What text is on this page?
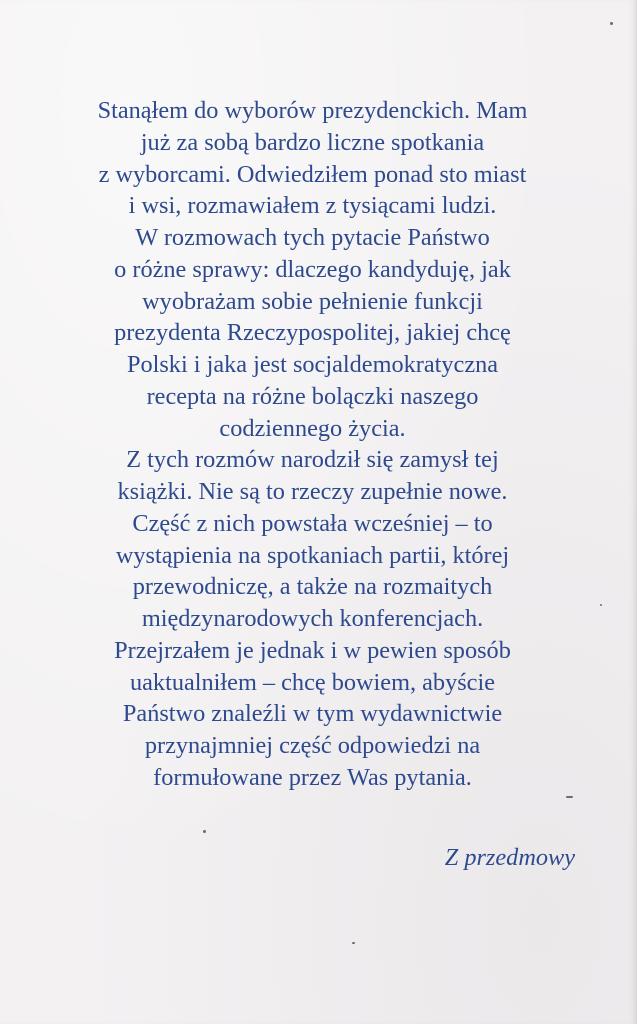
Stanąłem do wyborów prezydenckich. Mam
już za sobą bardzo liczne spotkania
z wyborcami. Odwiedziłem ponad sto miast
i wsi, rozmawiałem z tysiącami ludzi.
W rozmowach tych pytacie Państwo
o różne sprawy: dlaczego kandyduję, jak
wyobrażam sobie pełnienie funkcji
prezydenta Rzeczypospolitej, jakiej chcę
Polski i jaka jest socjaldemokratyczna
recepta na różne bolączki naszego
codziennego życia.
Z tych rozmów narodził się zamysł tej
książki. Nie są to rzeczy zupełnie nowe.
Część z nich powstała wcześniej – to
wystąpienia na spotkaniach partii, której
przewodniczę, a także na rozmaitych
międzynarodowych konferencjach.
Przejrzałem je jednak i w pewien sposób
uaktualniłem – chcę bowiem, abyście
Państwo znaleźli w tym wydawnictwie
przynajmniej część odpowiedzi na
formułowane przez Was pytania.
Z przedmowy
